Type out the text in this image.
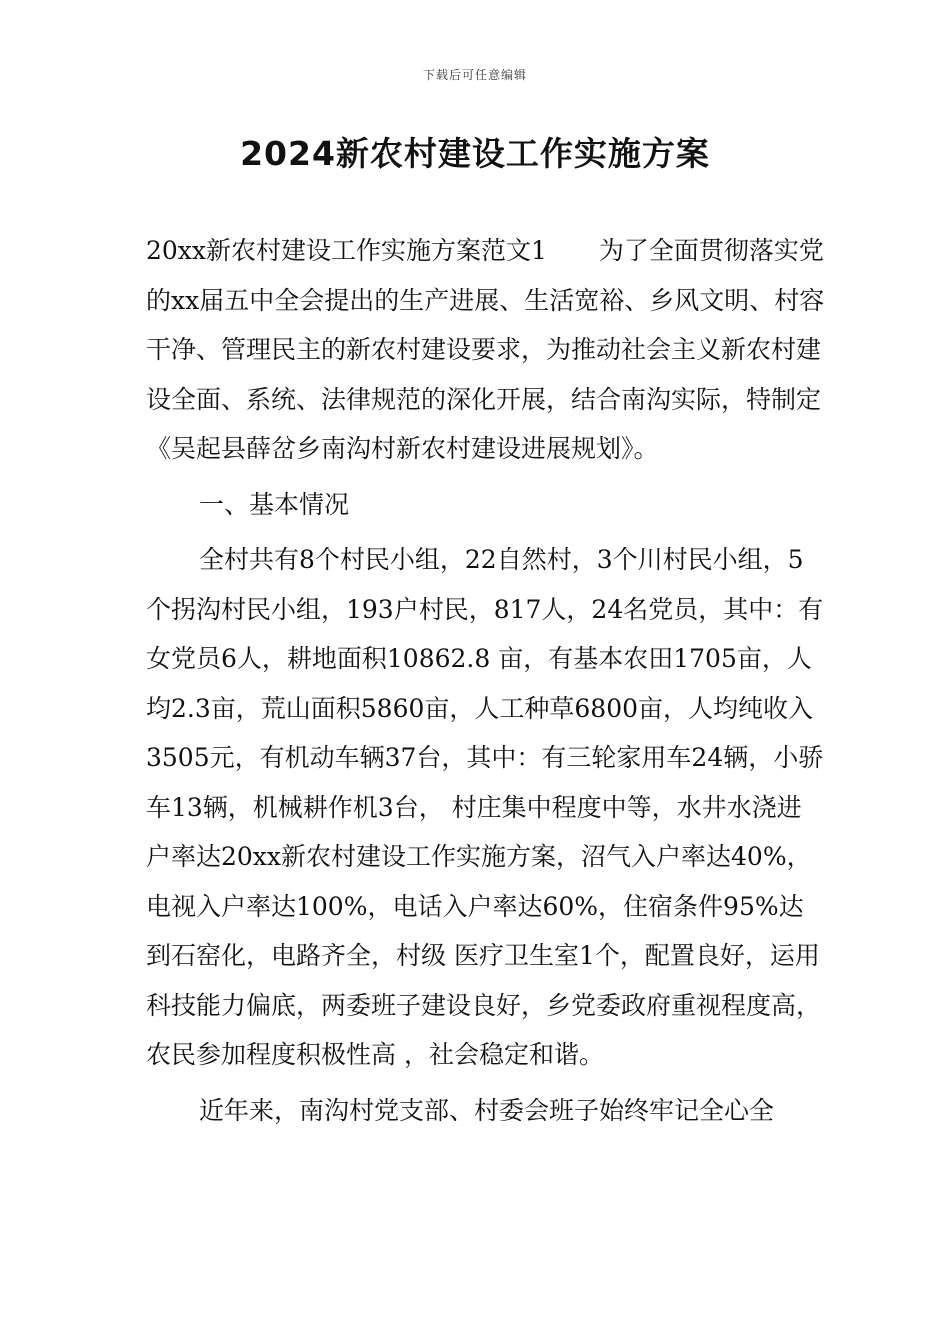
下载后可任意编辑
2024新农村建设工作实施方案

20xx新农村建设工作实施方案范文1 为了全面贯彻落实党的xx届五中全会提出的生产进展、生活宽裕、乡风文明、村容干净、管理民主的新农村建设要求，为推动社会主义新农村建设全面、系统、法律规范的深化开展，结合南沟实际，特制定《吴起县薛岔乡南沟村新农村建设进展规划》。

一、基本情况

全村共有8个村民小组，22自然村，3个川村民小组，5个拐沟村民小组，193户村民，817人，24名党员，其中：有女党员6人，耕地面积10862.8 亩，有基本农田1705亩，人均2.3亩，荒山面积5860亩，人工种草6800亩，人均纯收入3505元，有机动车辆37台，其中：有三轮家用车24辆，小骄车13辆，机械耕作机3台， 村庄集中程度中等，水井水浇进户率达20xx新农村建设工作实施方案，沼气入户率达40%，电视入户率达100%，电话入户率达60%，住宿条件95%达到石窑化，电路齐全，村级 医疗卫生室1个，配置良好，运用科技能力偏底，两委班子建设良好，乡党委政府重视程度高，农民参加程度积极性高 ，社会稳定和谐。

近年来，南沟村党支部、村委会班子始终牢记全心全
